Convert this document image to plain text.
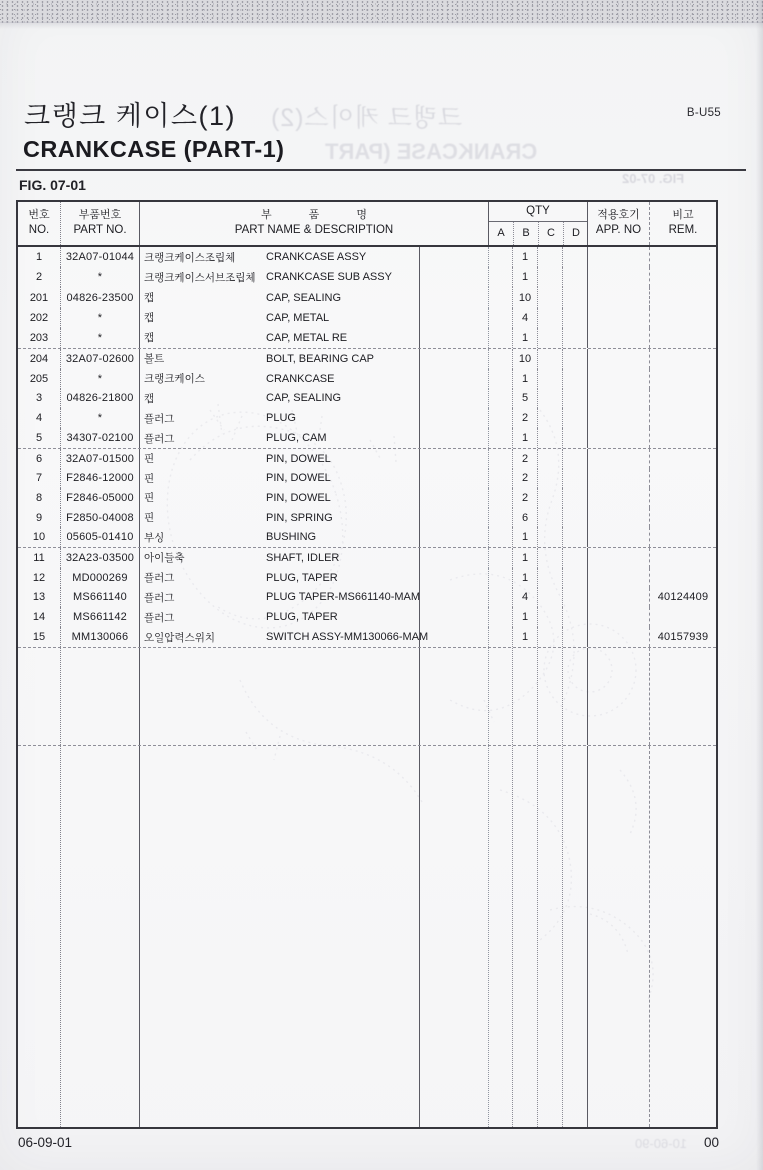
크랭크 케이스(2)
CRANKCASE (PART
FIG. 07-02
10-60-90
크랭크 케이스(1)	B-U55
CRANKCASE (PART-1)
FIG. 07-01
번호
NO.
부품번호
PART NO.
부 품 명
PART NAME & DESCRIPTION
QTY
A	B	C	D
적용호기
APP. NO
비고
REM.
1	32A07-01044 크랭크케이스조립체	CRANKCASE ASSY	1
2	*	크랭크케이스서브조립체 CRANKCASE SUB ASSY	1
201	04826-23500 캡	CAP, SEALING	10
202	*	캡	CAP, METAL	4
203	*	캡	CAP, METAL RE	1
204	32A07-02600 볼트	BOLT, BEARING CAP	10
205	*	크랭크케이스	CRANKCASE	1
3	04826-21800 캡	CAP, SEALING	5
4	*	플러그	PLUG	2
5	34307-02100 플러그	PLUG, CAM	1
6	32A07-01500 핀	PIN, DOWEL	2
7	F2846-12000 핀	PIN, DOWEL	2
8	F2846-05000 핀	PIN, DOWEL	2
9	F2850-04008 핀	PIN, SPRING	6
10	05605-01410 부싱	BUSHING	1
11	32A23-03500 아이들축	SHAFT, IDLER	1
12	MD000269	플러그	PLUG, TAPER	1
13	MS661140	플러그	PLUG TAPER-MS661140-MAM	4	40124409
14	MS661142	플러그	PLUG, TAPER	1
15	MM130066	오일압력스위치	SWITCH ASSY-MM130066-MAM	1	40157939
06-09-01	00
